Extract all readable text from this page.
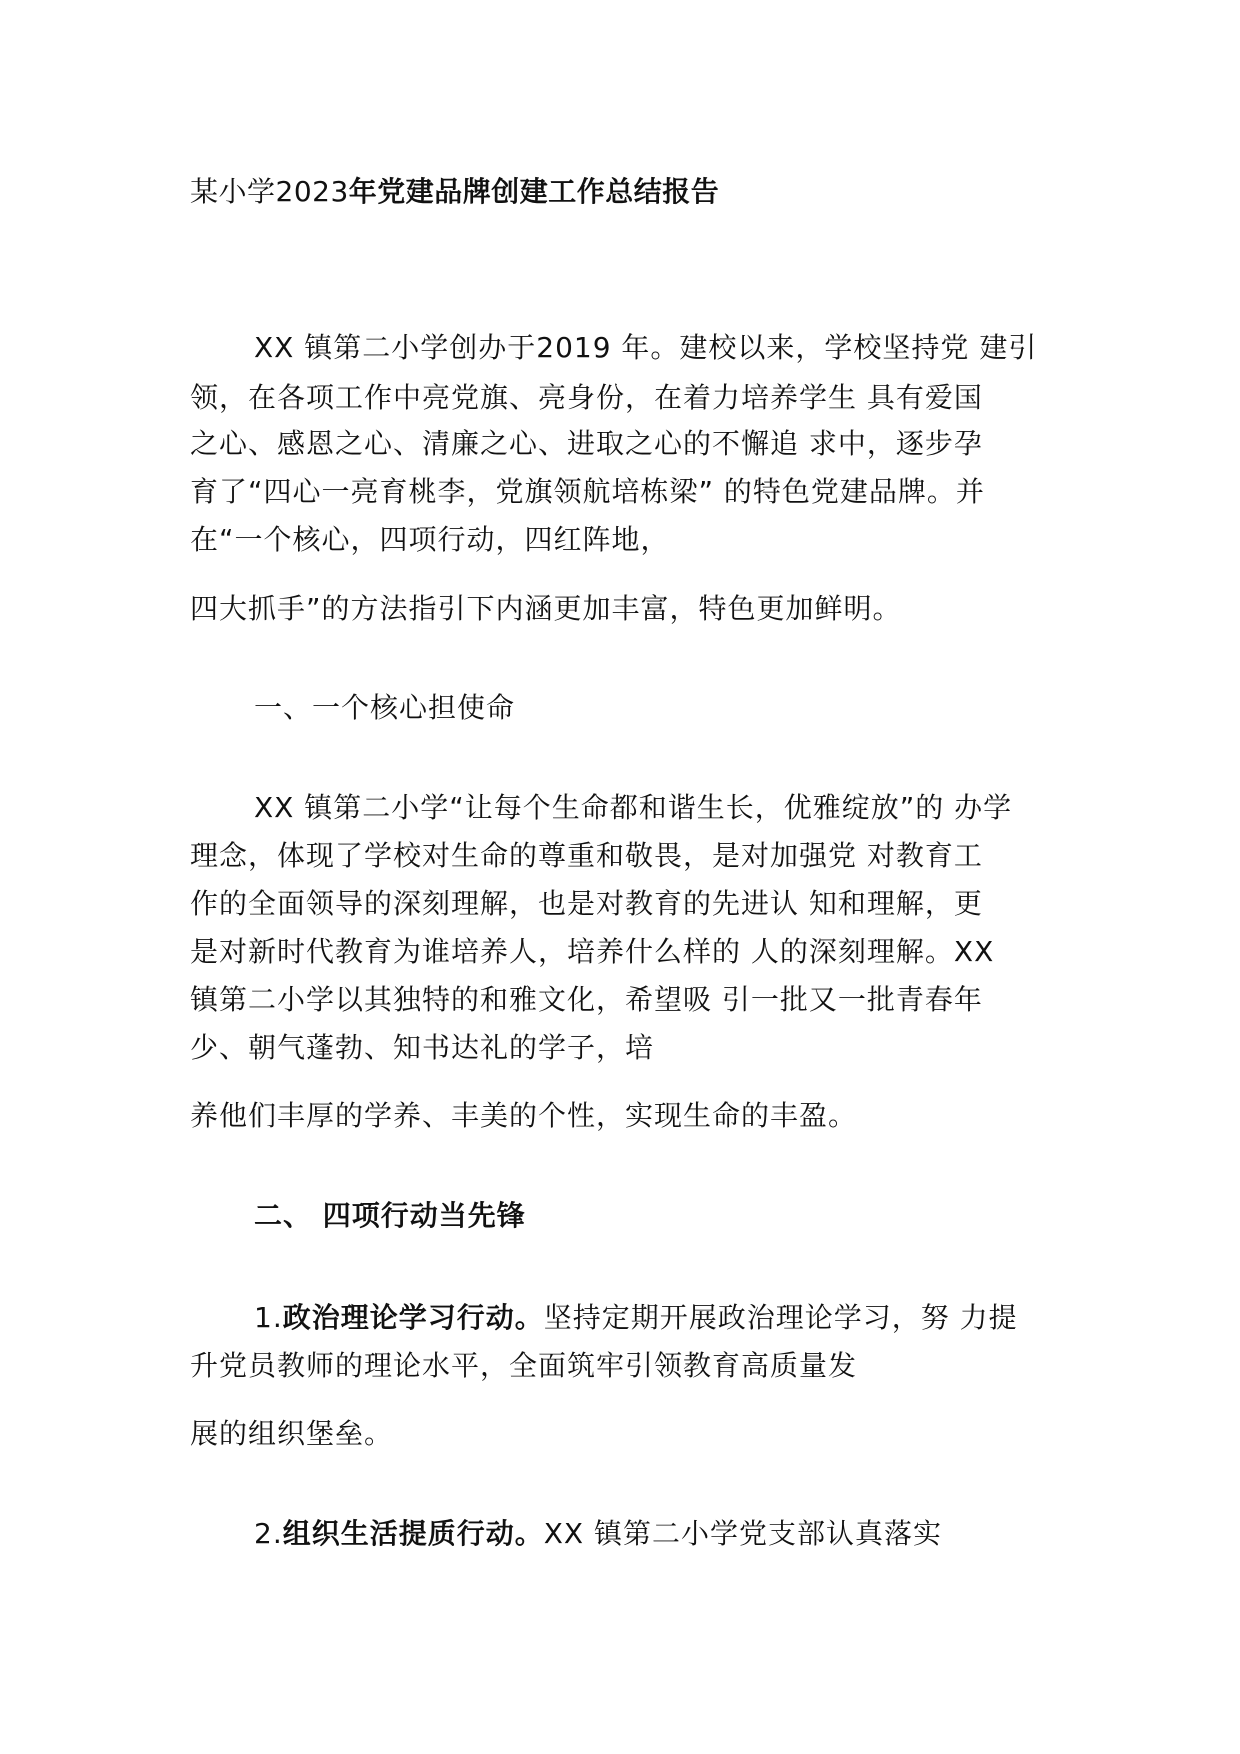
某小学2023年党建品牌创建工作总结报告
XX 镇第二小学创办于2019 年。建校以来，学校坚持党 建引
领，在各项工作中亮党旗、亮身份，在着力培养学生 具有爱国
之心、感恩之心、清廉之心、进取之心的不懈追 求中，逐步孕
育了“四心一亮育桃李，党旗领航培栋梁” 的特色党建品牌。并
在“一个核心，四项行动，四红阵地，
四大抓手”的方法指引下内涵更加丰富，特色更加鲜明。
一、一个核心担使命
XX 镇第二小学“让每个生命都和谐生长，优雅绽放”的 办学
理念，体现了学校对生命的尊重和敬畏，是对加强党 对教育工
作的全面领导的深刻理解，也是对教育的先进认 知和理解，更
是对新时代教育为谁培养人，培养什么样的 人的深刻理解。XX
镇第二小学以其独特的和雅文化，希望吸 引一批又一批青春年
少、朝气蓬勃、知书达礼的学子，培
养他们丰厚的学养、丰美的个性，实现生命的丰盈。
二、 四项行动当先锋
1.政治理论学习行动。坚持定期开展政治理论学习，努 力提
升党员教师的理论水平，全面筑牢引领教育高质量发
展的组织堡垒。
2.组织生活提质行动。XX 镇第二小学党支部认真落实
